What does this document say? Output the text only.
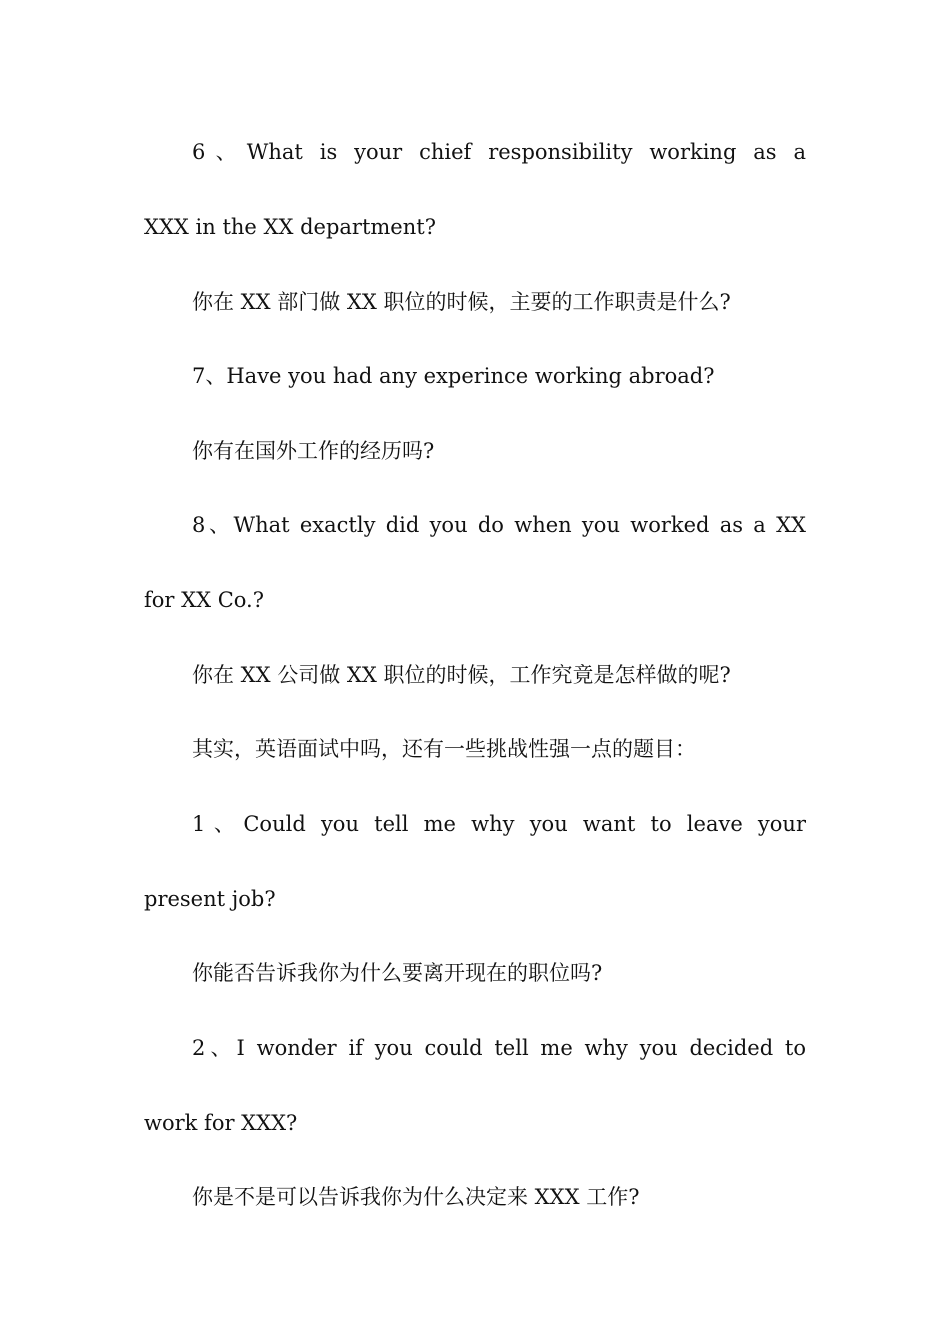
6、What is your chief responsibility working as a
XXX in the XX department?
你在 XX 部门做 XX 职位的时候，主要的工作职责是什么?
7、Have you had any experince working abroad?
你有在国外工作的经历吗?
8、What exactly did you do when you worked as a XX
for XX Co.?
你在 XX 公司做 XX 职位的时候，工作究竟是怎样做的呢?
其实，英语面试中吗，还有一些挑战性强一点的题目：
1、Could you tell me why you want to leave your
present job?
你能否告诉我你为什么要离开现在的职位吗?
2、I wonder if you could tell me why you decided to
work for XXX?
你是不是可以告诉我你为什么决定来 XXX 工作?
